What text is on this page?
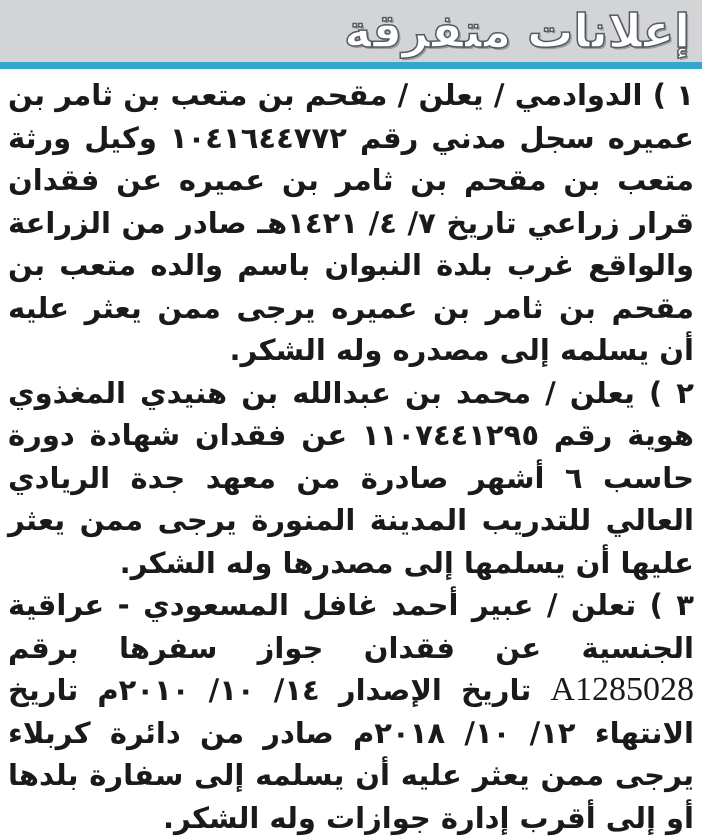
إعلانات متفرقة

١ ) الدوادمي / يعلن / مقحم بن متعب بن ثامر بن عميره سجل مدني رقم ١٠٤١٦٤٤٧٧٢ وكيل ورثة متعب بن مقحم بن ثامر بن عميره عن فقدان قرار زراعي تاريخ ٧/ ٤/ ١٤٢١هـ صادر من الزراعة والواقع غرب بلدة النبوان باسم والده متعب بن مقحم بن ثامر بن عميره يرجى ممن يعثر عليه أن يسلمه إلى مصدره وله الشكر.

٢ ) يعلن / محمد بن عبدالله بن هنيدي المغذوي هوية رقم ١١٠٧٤٤١٢٩٥ عن فقدان شهادة دورة حاسب ٦ أشهر صادرة من معهد جدة الريادي العالي للتدريب المدينة المنورة يرجى ممن يعثر عليها أن يسلمها إلى مصدرها وله الشكر.

٣ ) تعلن / عبير أحمد غافل المسعودي - عراقية الجنسية عن فقدان جواز سفرها برقم A1285028 تاريخ الإصدار ١٤/ ١٠/ ٢٠١٠م تاريخ الانتهاء ١٢/ ١٠/ ٢٠١٨م صادر من دائرة كربلاء يرجى ممن يعثر عليه أن يسلمه إلى سفارة بلدها أو إلى أقرب إدارة جوازات وله الشكر.
